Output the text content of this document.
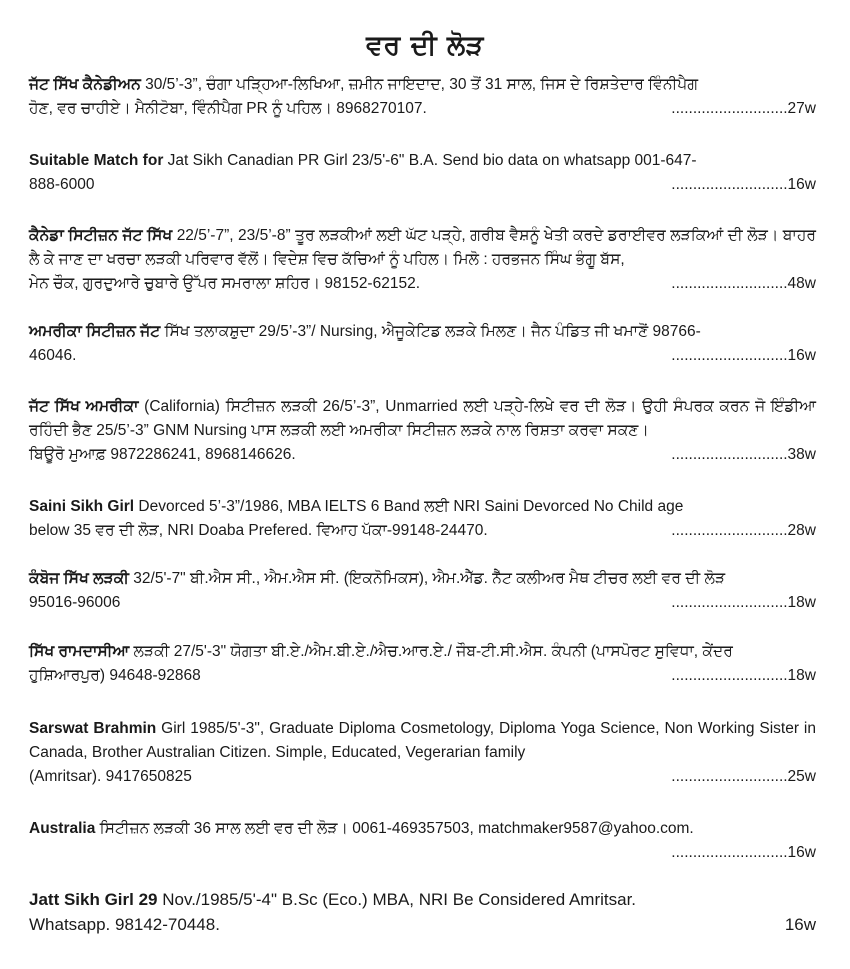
ਵਰ ਦੀ ਲੋੜ
ਜੱਟ ਸਿੱਖ ਕੈਨੇਡੀਅਨ 30/5’-3”, ਚੰਗਾ ਪੜ੍ਹਿਆ-ਲਿਖਿਆ, ਜ਼ਮੀਨ ਜਾਇਦਾਦ, 30 ਤੋਂ 31 ਸਾਲ, ਜਿਸ ਦੇ ਰਿਸ਼ਤੇਦਾਰ ਵਿੰਨੀਪੈਗ
ਹੋਣ, ਵਰ ਚਾਹੀਏ। ਮੈਨੀਟੋਬਾ, ਵਿੰਨੀਪੈਗ PR ਨੂੰ ਪਹਿਲ। 8968270107.	...........................27w
Suitable Match for Jat Sikh Canadian PR Girl 23/5'-6" B.A. Send bio data on whatsapp 001-647-
888-6000	...........................16w
ਕੈਨੇਡਾ ਸਿਟੀਜ਼ਨ ਜੱਟ ਸਿੱਖ 22/5’-7”, 23/5’-8” ਤੂਰ ਲੜਕੀਆਂ ਲਈ ਘੱਟ ਪੜ੍ਹੇ, ਗਰੀਬ ਵੈਸ਼ਨੂੰ ਖੇਤੀ ਕਰਦੇ ਡਰਾਈਵਰ ਲੜਕਿਆਂ ਦੀ ਲੋੜ। ਬਾਹਰ ਲੈ ਕੇ ਜਾਣ ਦਾ ਖਰਚਾ ਲੜਕੀ ਪਰਿਵਾਰ ਵੱਲੋਂ। ਵਿਦੇਸ਼ ਵਿਚ ਕੱਚਿਆਂ ਨੂੰ ਪਹਿਲ। ਮਿਲੋ : ਹਰਭਜਨ ਸਿੰਘ ਭੰਗੂ ਬੱਸ,
ਮੇਨ ਚੌਕ, ਗੁਰਦੁਆਰੇ ਚੁਬਾਰੇ ਉੱਪਰ ਸਮਰਾਲਾ ਸ਼ਹਿਰ। 98152-62152.	...........................48w
ਅਮਰੀਕਾ ਸਿਟੀਜ਼ਨ ਜੱਟ ਸਿੱਖ ਤਲਾਕਸ਼ੁਦਾ 29/5’-3”/ Nursing, ਐਜੂਕੇਟਿਡ ਲੜਕੇ ਮਿਲਣ। ਜੈਨ ਪੰਡਿਤ ਜੀ ਖਮਾਣੋਂ 98766-
46046.	...........................16w
ਜੱਟ ਸਿੱਖ ਅਮਰੀਕਾ (California) ਸਿਟੀਜ਼ਨ ਲੜਕੀ 26/5’-3”, Unmarried ਲਈ ਪੜ੍ਹੇ-ਲਿਖੇ ਵਰ ਦੀ ਲੋੜ। ਉਹੀ ਸੰਪਰਕ ਕਰਨ ਜੋ ਇੰਡੀਆ ਰਹਿੰਦੀ ਭੈਣ 25/5’-3” GNM Nursing ਪਾਸ ਲੜਕੀ ਲਈ ਅਮਰੀਕਾ ਸਿਟੀਜ਼ਨ ਲੜਕੇ ਨਾਲ ਰਿਸ਼ਤਾ ਕਰਵਾ ਸਕਣ।
ਬਿਊਰੋ ਮੁਆਫ਼ 9872286241, 8968146626.	...........................38w
Saini Sikh Girl Devorced 5’-3”/1986, MBA IELTS 6 Band ਲਈ NRI Saini Devorced No Child age
below 35 ਵਰ ਦੀ ਲੋੜ, NRI Doaba Prefered. ਵਿਆਹ ਪੱਕਾ-99148-24470.	...........................28w
ਕੰਬੋਜ ਸਿੱਖ ਲੜਕੀ 32/5'-7" ਬੀ.ਐਸ ਸੀ., ਐਮ.ਐਸ ਸੀ. (ਇਕਨੋਮਿਕਸ), ਐਮ.ਐੱਡ. ਨੈੱਟ ਕਲੀਅਰ ਮੈਥ ਟੀਚਰ ਲਈ ਵਰ ਦੀ ਲੋੜ
95016-96006	...........................18w
ਸਿੱਖ ਰਾਮਦਾਸੀਆ ਲੜਕੀ 27/5'-3" ਯੋਗਤਾ ਬੀ.ਏ./ਐਮ.ਬੀ.ਏ./ਐਚ.ਆਰ.ਏ./ ਜੌਬ-ਟੀ.ਸੀ.ਐਸ. ਕੰਪਨੀ (ਪਾਸਪੋਰਟ ਸੁਵਿਧਾ, ਕੇਂਦਰ
ਹੁਸ਼ਿਆਰਪੁਰ) 94648-92868	...........................18w
Sarswat Brahmin Girl 1985/5'-3", Graduate Diploma Cosmetology, Diploma Yoga Science, Non Working Sister in Canada, Brother Australian Citizen. Simple, Educated, Vegerarian family
(Amritsar). 9417650825	...........................25w
Australia ਸਿਟੀਜ਼ਨ ਲੜਕੀ 36 ਸਾਲ ਲਈ ਵਰ ਦੀ ਲੋੜ। 0061-469357503, matchmaker9587@yahoo.com.
...........................16w
Jatt Sikh Girl 29 Nov./1985/5'-4" B.Sc (Eco.) MBA, NRI Be Considered Amritsar.
Whatsapp. 98142-70448.	16w
